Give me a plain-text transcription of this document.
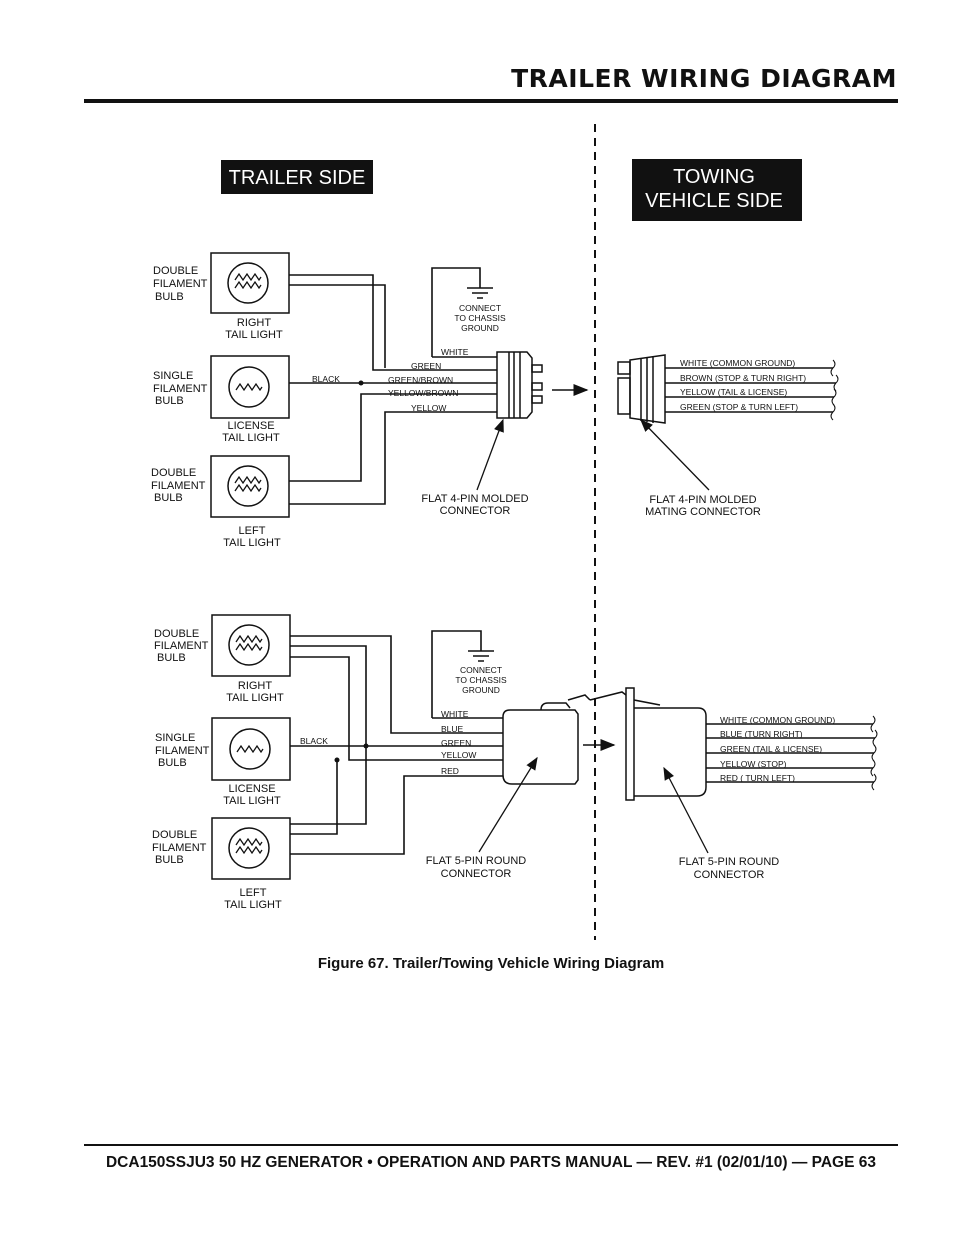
TRAILER WIRING DIAGRAM
TRAILER SIDE	TOWING
VEHICLE SIDE
DOUBLE
FILAMENT
BULB
RIGHT
TAIL LIGHT
SINGLE
FILAMENT
BULB
LICENSE
TAIL LIGHT
DOUBLE
FILAMENT
BULB
LEFT
TAIL LIGHT
CONNECT
TO CHASSIS
GROUND
BLACK
WHITE
GREEN
GREEN/BROWN
YELLOW/BROWN
YELLOW
WHITE (COMMON GROUND)
BROWN (STOP & TURN RIGHT)
YELLOW (TAIL & LICENSE)
GREEN (STOP & TURN LEFT)
FLAT 4-PIN MOLDED
CONNECTOR
FLAT 4-PIN MOLDED
MATING CONNECTOR
DOUBLE
FILAMENT
BULB
RIGHT
TAIL LIGHT
SINGLE
FILAMENT
BULB
LICENSE
TAIL LIGHT
DOUBLE
FILAMENT
BULB
LEFT
TAIL LIGHT
CONNECT
TO CHASSIS
GROUND
BLACK
WHITE
BLUE
GREEN
YELLOW
RED
WHITE (COMMON GROUND)
BLUE (TURN RIGHT)
GREEN (TAIL & LICENSE)
YELLOW (STOP)
RED ( TURN LEFT)
FLAT 5-PIN ROUND
CONNECTOR
FLAT 5-PIN ROUND
CONNECTOR
Figure 67. Trailer/Towing Vehicle Wiring Diagram
DCA150SSJU3 50 HZ GENERATOR • OPERATION AND PARTS MANUAL — REV. #1 (02/01/10) — PAGE 63
